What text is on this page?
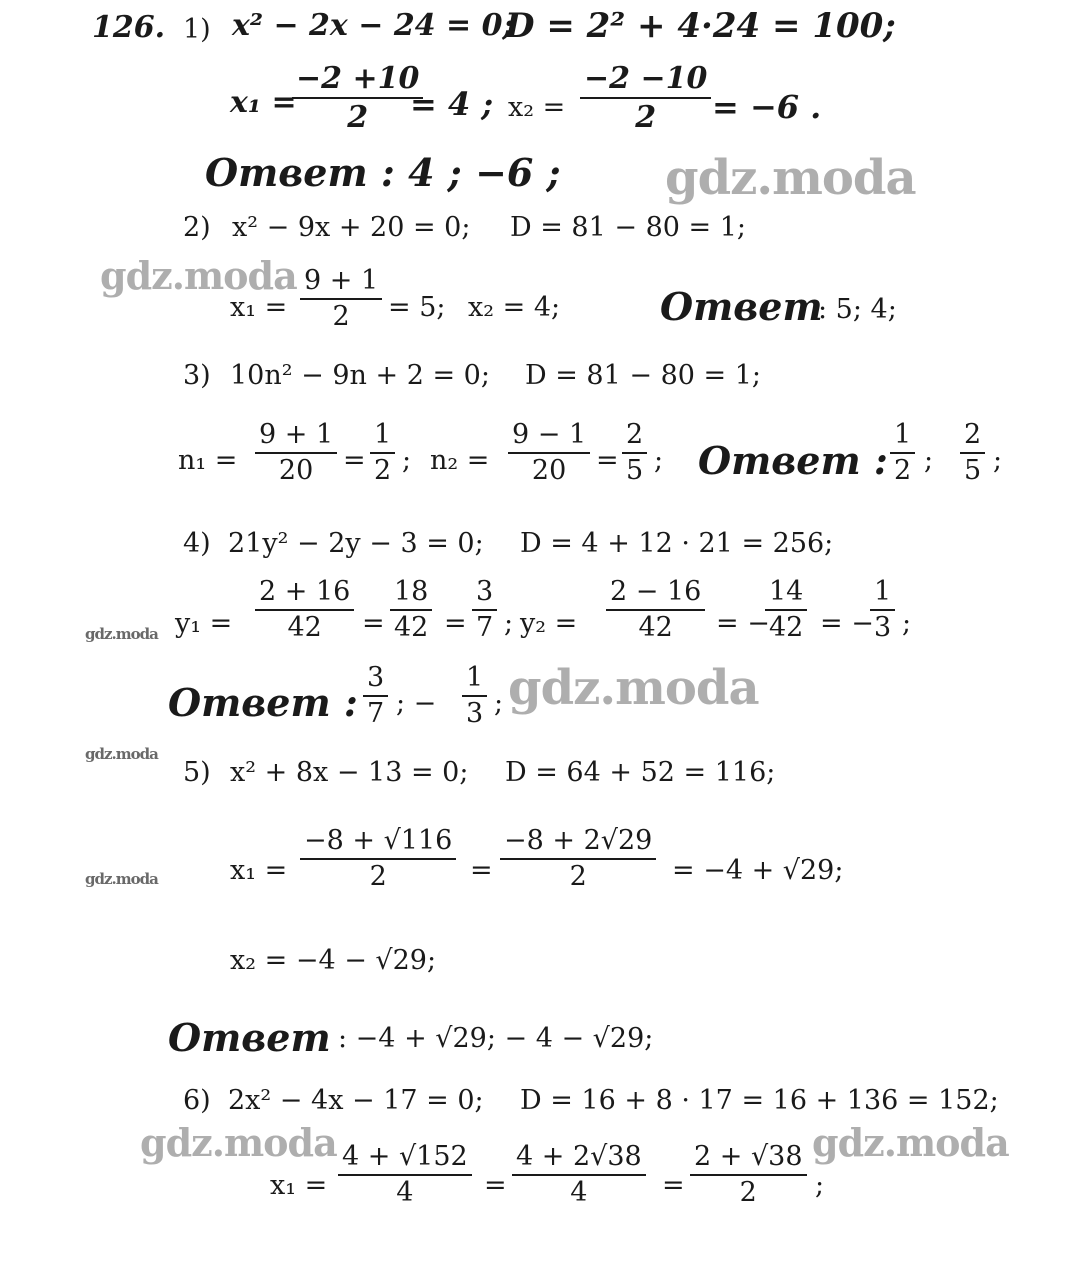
126. 1) x² − 2x − 24 = 0;
D = 2² + 4·24 = 100;
x₁ =
$\frac{-2 +10}{2}$
= 4 ; $x_2 = \frac{-2 -10}{2} = -6$ .
Ответ : 4 ; −6 ;
2) x² − 9x + 20 = 0; D = 81 − 80 = 1;
$x_1 = \frac{9 + 1}{2} = 5$; x₂ = 4;	Ответ
: 5; 4;
3) 10n² − 9n + 2 = 0; D = 81 − 80 = 1;
$n_1 = \frac{9 + 1}{20} = \frac{1}{2}$ ; $n_2 = \frac{9 - 1}{20} = \frac{2}{5}$ ; Ответ : $\frac{1}{2}$ ; $\frac{2}{5}$ ;
4) 21y² − 2y − 3 = 0; D = 4 + 12 · 21 = 256;
$y_1 = \frac{2 + 16}{42} = \frac{18}{42} = \frac{3}{7}$ ; $y_2 = \frac{2 - 16}{42}$ = −
$\frac{14}{42}$ = −
$\frac{1}{3}$ ;
Ответ : $\frac{3}{7}$ ; − $\frac{1}{3}$ ;
5) x² + 8x − 13 = 0; D = 64 + 52 = 116;
$x_1 = \frac{-8 + √116}{2} = \frac{-8 + 2√29}{2} = -4 + √29$;
x₂ = −4 − √29;
Ответ : −4 + √29; − 4 − √29;
6) 2x² − 4x − 17 = 0; D = 16 + 8 · 17 = 16 + 136 = 152;
$x_1 = \frac{4 + √152}{4} = \frac{4 + 2√38}{4} = \frac{2 + √38}{2}$ ;
gdz.moda
gdz.moda
gdz.moda
gdz.moda
gdz.moda
gdz.moda
gdz.moda	gdz.moda
